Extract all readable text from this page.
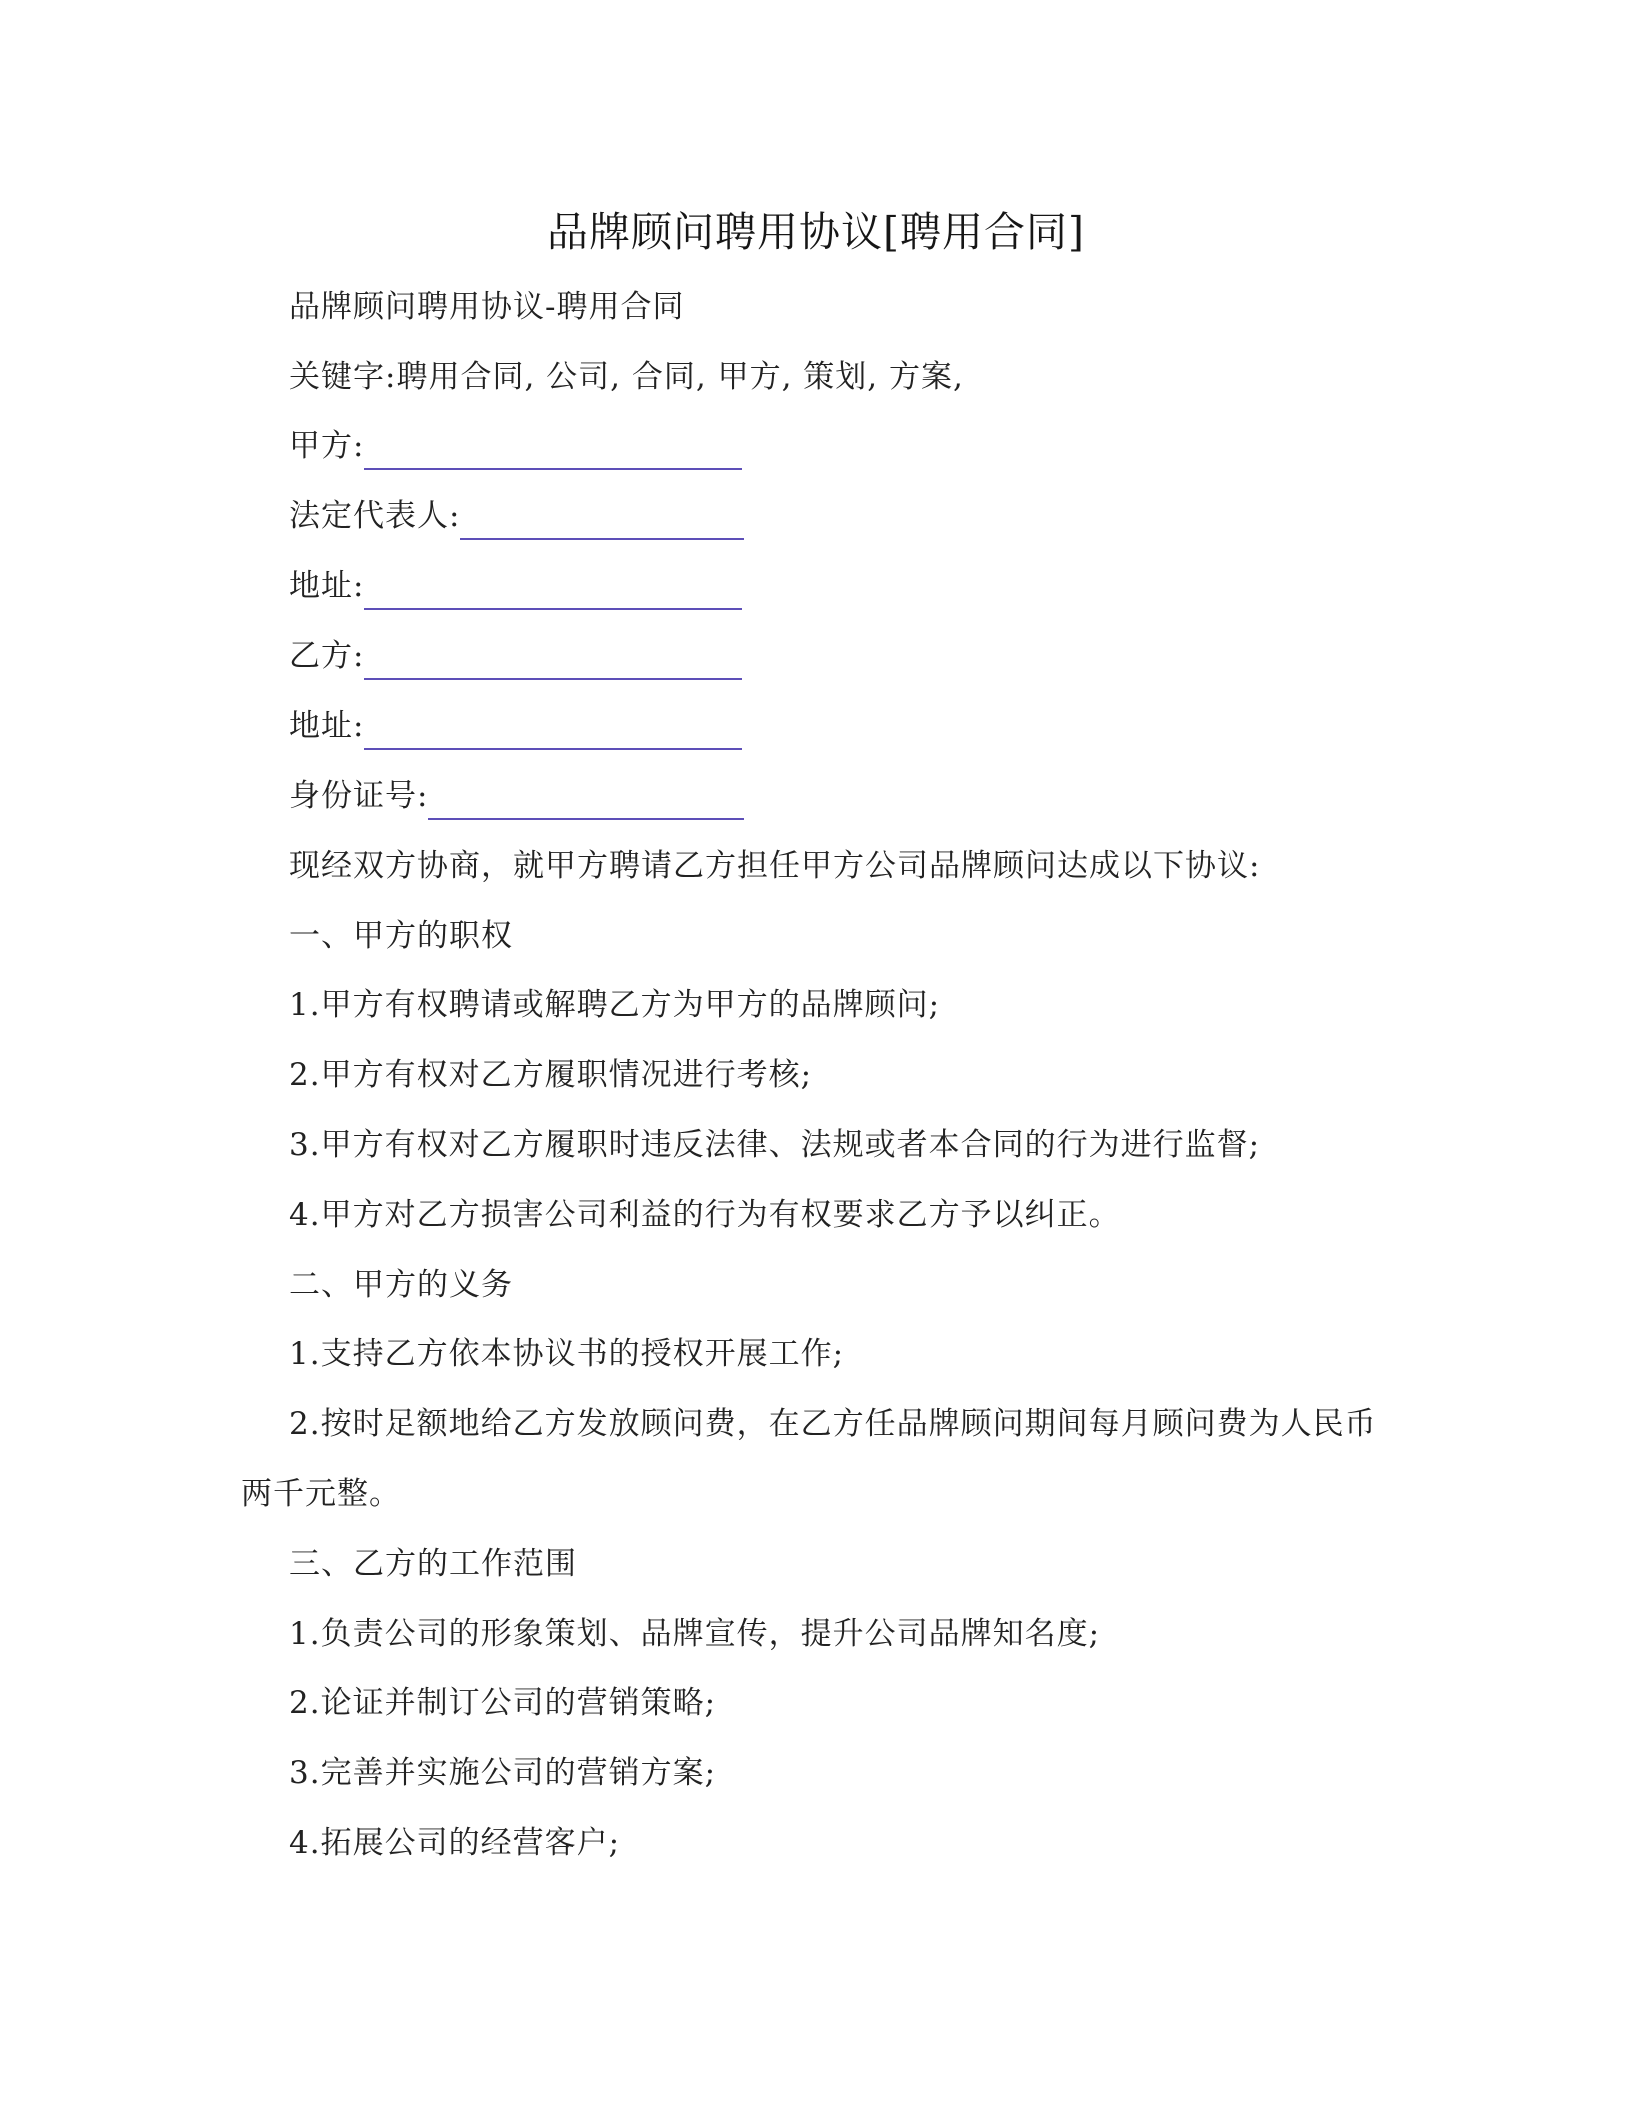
品牌顾问聘用协议[聘用合同]
品牌顾问聘用协议-聘用合同
关键字:聘用合同, 公司, 合同, 甲方, 策划, 方案,
甲方:
法定代表人:
地址:
乙方:
地址:
身份证号:
现经双方协商，就甲方聘请乙方担任甲方公司品牌顾问达成以下协议:
一、甲方的职权
1.甲方有权聘请或解聘乙方为甲方的品牌顾问;
2.甲方有权对乙方履职情况进行考核;
3.甲方有权对乙方履职时违反法律、法规或者本合同的行为进行监督;
4.甲方对乙方损害公司利益的行为有权要求乙方予以纠正。
二、甲方的义务
1.支持乙方依本协议书的授权开展工作;
2.按时足额地给乙方发放顾问费，在乙方任品牌顾问期间每月顾问费为人民币
两千元整。
三、乙方的工作范围
1.负责公司的形象策划、品牌宣传，提升公司品牌知名度;
2.论证并制订公司的营销策略;
3.完善并实施公司的营销方案;
4.拓展公司的经营客户;
